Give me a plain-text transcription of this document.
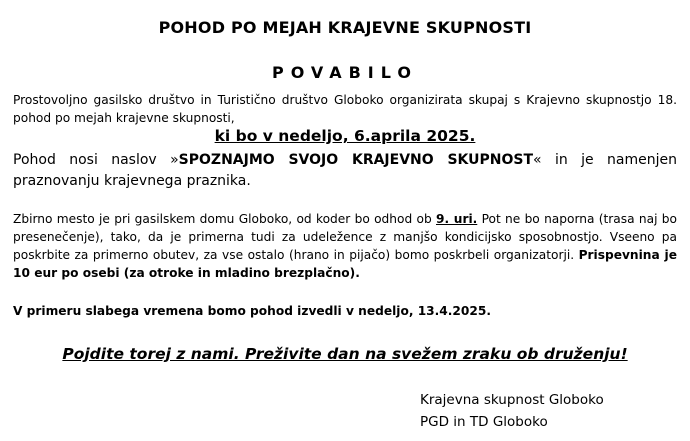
POHOD PO MEJAH KRAJEVNE SKUPNOSTI
POVABILO
Prostovoljno gasilsko društvo in Turistično društvo Globoko organizirata skupaj s Krajevno skupnostjo 18. pohod po mejah krajevne skupnosti,
ki bo v nedeljo, 6.aprila 2025.
Pohod nosi naslov »SPOZNAJMO SVOJO KRAJEVNO SKUPNOST« in je namenjen praznovanju krajevnega praznika.
Zbirno mesto je pri gasilskem domu Globoko, od koder bo odhod ob 9. uri. Pot ne bo naporna (trasa naj bo presenečenje), tako, da je primerna tudi za udeležence z manjšo kondicijsko sposobnostjo. Vseeno pa poskrbite za primerno obutev, za vse ostalo (hrano in pijačo) bomo poskrbeli organizatorji. Prispevnina je 10 eur po osebi (za otroke in mladino brezplačno).
V primeru slabega vremena bomo pohod izvedli v nedeljo, 13.4.2025.
Pojdite torej z nami. Preživite dan na svežem zraku ob druženju!
Krajevna skupnost Globoko
PGD in TD Globoko
